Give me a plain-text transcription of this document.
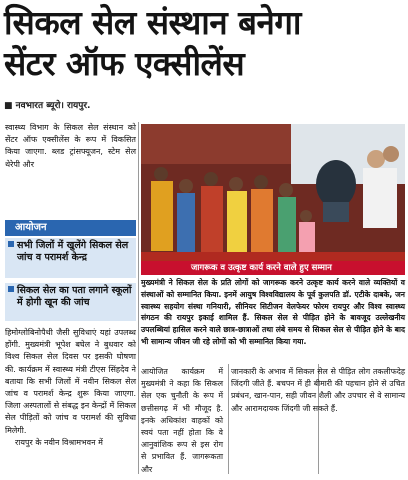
सिकल सेल संस्थान बनेगा
सेंटर ऑफ एक्सीलेंस
■ नवभारत ब्यूरो। रायपुर.
स्वास्थ्य विभाग के सिकल सेल संस्थान को सेंटर ऑफ एक्सीलेंस के रूप में विकसित किया जाएगा. ब्लड ट्रांसफ्यूजन, स्टेम सेल थेरेपी और
आयोजन
सभी जिलों में खुलेंगे सिकल सेल जांच व परामर्श केन्द्र
सिकल सेल का पता लगाने स्कूलों में होगी खून की जांच
हिमोग्लोबिनोपैथी जैसी सुविधाएं यहां उपलब्ध होंगी. मुख्यमंत्री भूपेश बघेल ने बुधवार को विश्व सिकल सेल दिवस पर इसकी घोषणा की. कार्यक्रम में स्वास्थ्य मंत्री टीएस सिंहदेव ने बताया कि सभी जिलों में नवीन सिकल सेल जांच व परामर्श केन्द्र शुरू किया जाएगा. जिला अस्पतालों से संबद्ध इन केन्द्रों में सिकल सेल पीड़ितों को जांच व परामर्श की सुविधा मिलेगी.
रायपुर के नवीन विश्रामभवन में
जागरूक व उत्कृष्ट कार्य करने वाले हुए सम्मान
मुख्यमंत्री ने सिकल सेल के प्रति लोगों को जागरूक करने उत्कृष्ट कार्य करने वाले व्यक्तियों व संस्थाओं को सम्मानित किया. इनमें आयुष विश्वविद्यालय के पूर्व कुलपति डॉ. एटीके दाबके, जन स्वास्थ्य सहयोग संस्था गनियारी, सीनियर सिटीजन वेलफेयर फोरम रायपुर और विश्व स्वास्थ्य संगठन की रायपुर इकाई शामिल हैं. सिकल सेल से पीड़ित होने के बावजूद उल्लेखनीय उपलब्धियां हासिल करने वाले छात्र-छात्राओं तथा लंबे समय से सिकल सेल से पीड़ित होने के बाद भी सामान्य जीवन जी रहे लोगों को भी सम्मानित किया गया.
आयोजित कार्यक्रम में मुख्यमंत्री ने कहा कि सिकल सेल एक चुनौती के रूप में छत्तीसगढ़ में भी मौजूद है. इनके अधिकांश वाहकों को स्वयं पता नहीं होता कि वे आनुवांशिक रूप से इस रोग से प्रभावित हैं. जागरूकता और
जानकारी के अभाव में सिकल सेल से पीड़ित लोग तकलीफदेह जिंदगी जीते हैं. बचपन में ही बीमारी की पहचान होने से उचित प्रबंधन, खान-पान, सही जीवन शैली और उपचार से वे सामान्य और आरामदायक जिंदगी जी सकते हैं.
